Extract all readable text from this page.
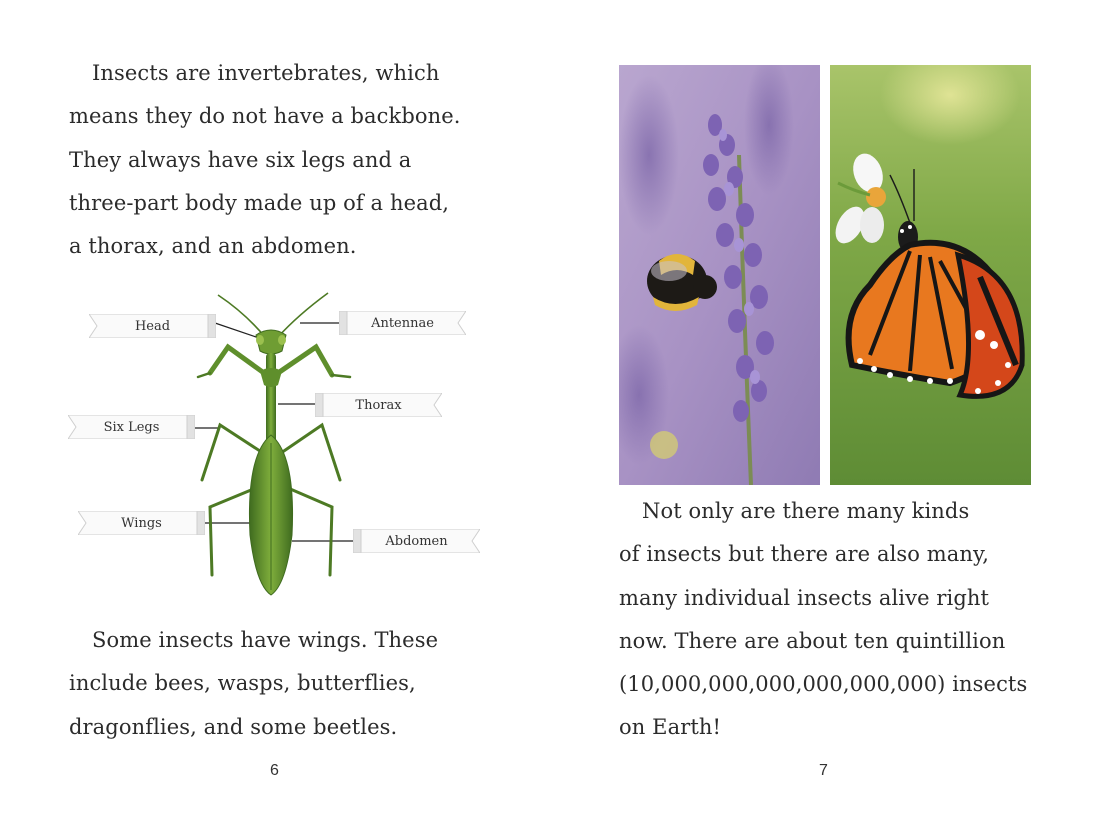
Insects are invertebrates, which
means they do not have a backbone.
They always have six legs and a
three-part body made up of a head,
a thorax, and an abdomen.
Head	Antennae
Thorax
Six Legs
Wings
Abdomen
Some insects have wings. These
include bees, wasps, butterflies,
dragonflies, and some beetles.
6
Not only are there many kinds
of insects but there are also many,
many individual insects alive right
now. There are about ten quintillion
(10,000,000,000,000,000,000) insects
on Earth!
7
